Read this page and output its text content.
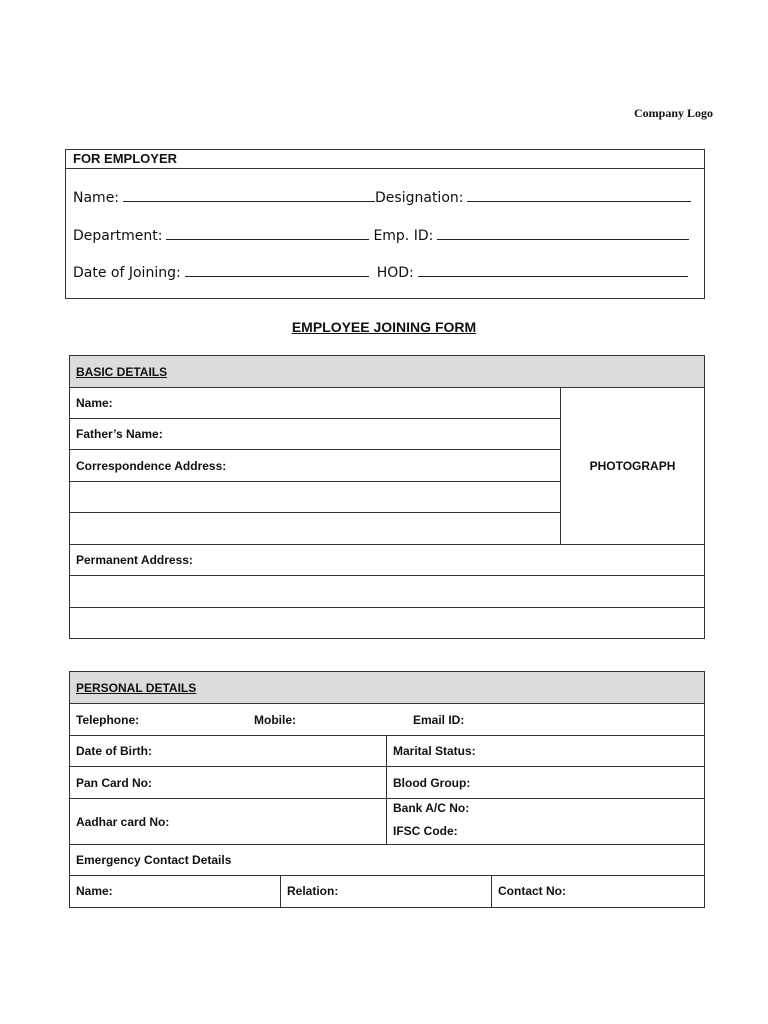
Company Logo
FOR EMPLOYER
Name:	Designation:
Department:	Emp. ID:
Date of Joining:	HOD:
EMPLOYEE JOINING FORM
BASIC DETAILS
Name:	PHOTOGRAPH
Father’s Name:
Correspondence Address:

Permanent Address:

PERSONAL DETAILS	

Telephone: Mobile: Email ID:	

Date of Birth:	Marital Status:
Pan Card No:	Blood Group:
Aadhar card No:	Bank A/C No:
IFSC Code:

Emergency Contact Details	

Name: Relation: Contact No:	
